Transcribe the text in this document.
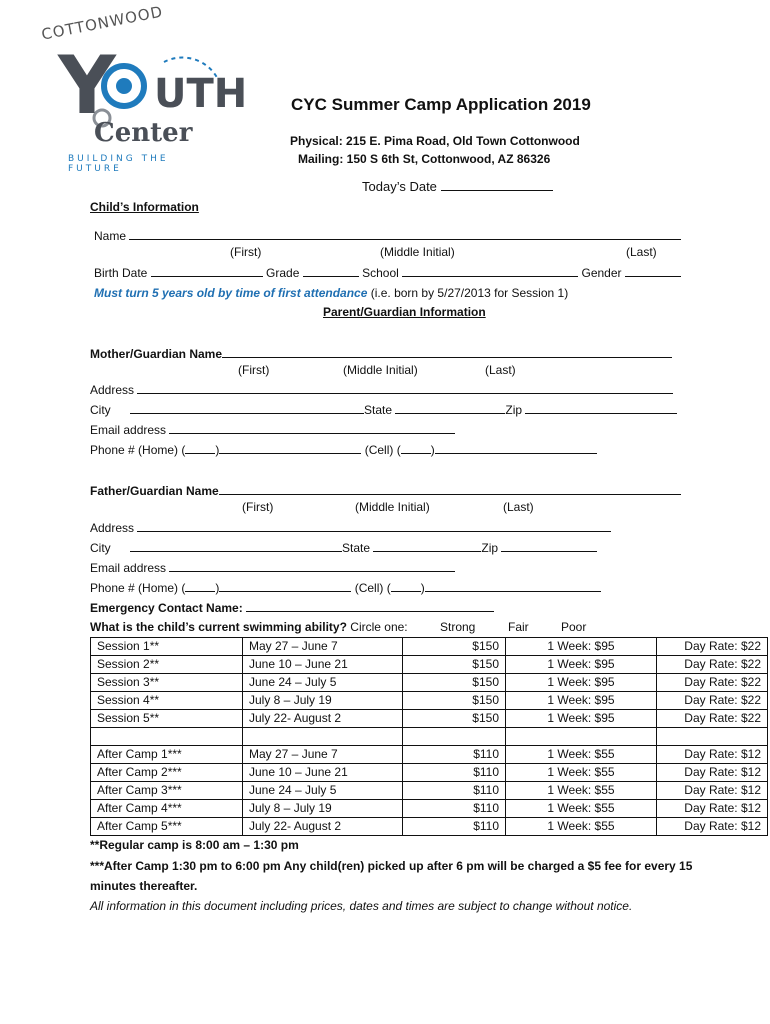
COTTONWOOD
Y UTH
Center
BUILDING THE FUTURE
CYC Summer Camp Application 2019
Physical: 215 E. Pima Road, Old Town Cottonwood
Mailing: 150 S 6th St, Cottonwood, AZ 86326
Today’s Date
Child’s Information
Name
(First)	(Middle Initial)	(Last)
Birth Date	Grade	School	Gender
Must turn 5 years old by time of first attendance (i.e. born by 5/27/2013 for Session 1)
Parent/Guardian Information
Mother/Guardian Name
(First)	(Middle Initial)	(Last)
Address
City	State	Zip
Email address
Phone # (Home) (	)	(Cell) (	)
Father/Guardian Name
(First)	(Middle Initial)	(Last)
Address
City	State	Zip
Email address
Phone # (Home) (	)	(Cell) (	)
Emergency Contact Name:
What is the child’s current swimming ability? Circle one:	Strong	Fair	Poor
Session 1**	May 27 – June 7	$150	1 Week: $95	Day Rate: $22
Session 2**	June 10 – June 21	$150	1 Week: $95	Day Rate: $22
Session 3**	June 24 – July 5	$150	1 Week: $95	Day Rate: $22
Session 4**	July 8 – July 19	$150	1 Week: $95	Day Rate: $22
Session 5**	July 22- August 2	$150	1 Week: $95	Day Rate: $22

After Camp 1***	May 27 – June 7	$110	1 Week: $55	Day Rate: $12
After Camp 2***	June 10 – June 21	$110	1 Week: $55	Day Rate: $12
After Camp 3***	June 24 – July 5	$110	1 Week: $55	Day Rate: $12
After Camp 4***	July 8 – July 19	$110	1 Week: $55	Day Rate: $12
After Camp 5***	July 22- August 2	$110	1 Week: $55	Day Rate: $12
**Regular camp is 8:00 am – 1:30 pm
***After Camp 1:30 pm to 6:00 pm Any child(ren) picked up after 6 pm will be charged a $5 fee for every 15
minutes thereafter.
All information in this document including prices, dates and times are subject to change without notice.
